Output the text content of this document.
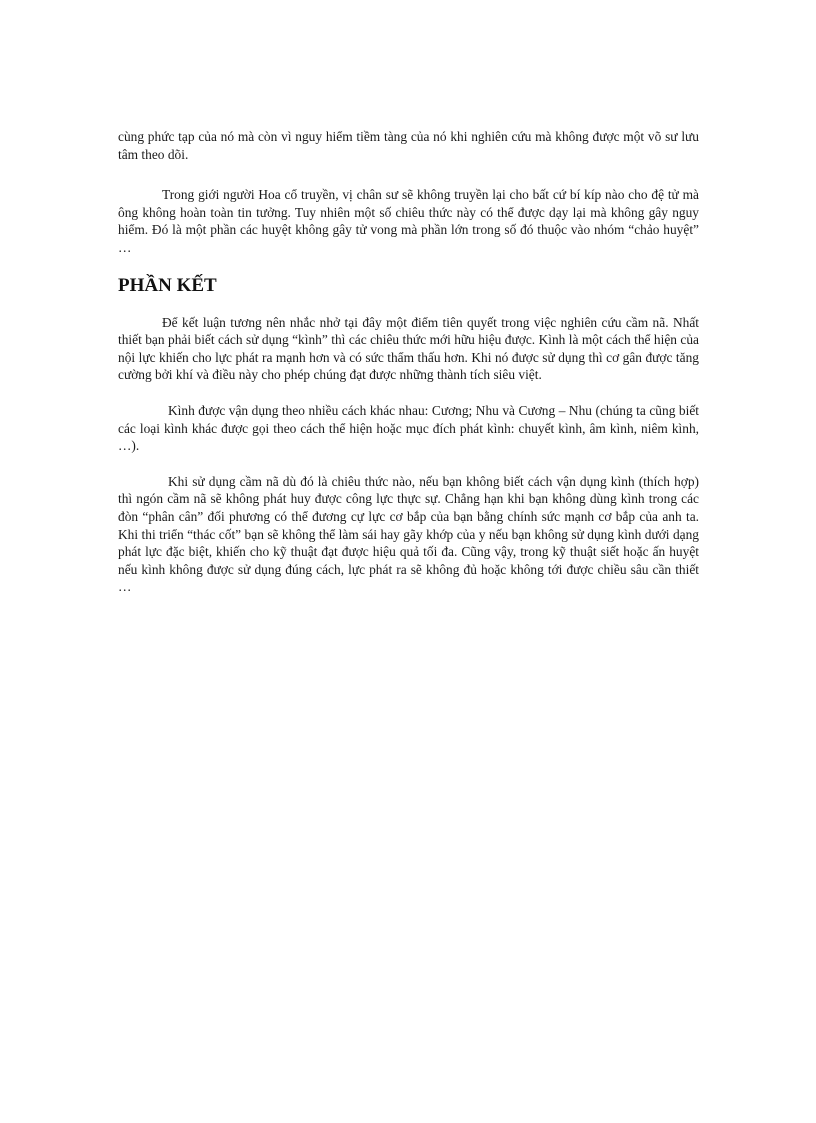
cùng phức tạp của nó mà còn vì nguy hiểm tiềm tàng của nó khi nghiên cứu mà không được một võ sư lưu tâm theo dõi.

Trong giới người Hoa cổ truyền, vị chân sư sẽ không truyền lại cho bất cứ bí kíp nào cho đệ tử mà ông không hoàn toàn tin tưởng. Tuy nhiên một số chiêu thức này có thể được dạy lại mà không gây nguy hiểm. Đó là một phần các huyệt không gây tử vong mà phần lớn trong số đó thuộc vào nhóm “chảo huyệt” …

PHẦN KẾT

Để kết luận tương nên nhắc nhở tại đây một điểm tiên quyết trong việc nghiên cứu cầm nã. Nhất thiết bạn phải biết cách sử dụng “kình” thì các chiêu thức mới hữu hiệu được. Kình là một cách thể hiện của nội lực khiến cho lực phát ra mạnh hơn và có sức thẩm thấu hơn. Khi nó được sử dụng thì cơ gân được tăng cường bởi khí và điều này cho phép chúng đạt được những thành tích siêu việt.

Kình được vận dụng theo nhiều cách khác nhau: Cương; Nhu và Cương – Nhu (chúng ta cũng biết các loại kình khác được gọi theo cách thể hiện hoặc mục đích phát kình: chuyết kình, âm kình, niêm kình, …).

Khi sử dụng cầm nã dù đó là chiêu thức nào, nếu bạn không biết cách vận dụng kình (thích hợp) thì ngón cầm nã sẽ không phát huy được công lực thực sự. Chẳng hạn khi bạn không dùng kình trong các đòn “phân cân” đối phương có thể đương cự lực cơ bắp của bạn bằng chính sức mạnh cơ bắp của anh ta. Khi thi triển “thác cốt” bạn sẽ không thể làm sái hay gãy khớp của y nếu bạn không sử dụng kình dưới dạng phát lực đặc biệt, khiến cho kỹ thuật đạt được hiệu quả tối đa. Cũng vậy, trong kỹ thuật siết hoặc ấn huyệt nếu kình không được sử dụng đúng cách, lực phát ra sẽ không đủ hoặc không tới được chiều sâu cần thiết …
